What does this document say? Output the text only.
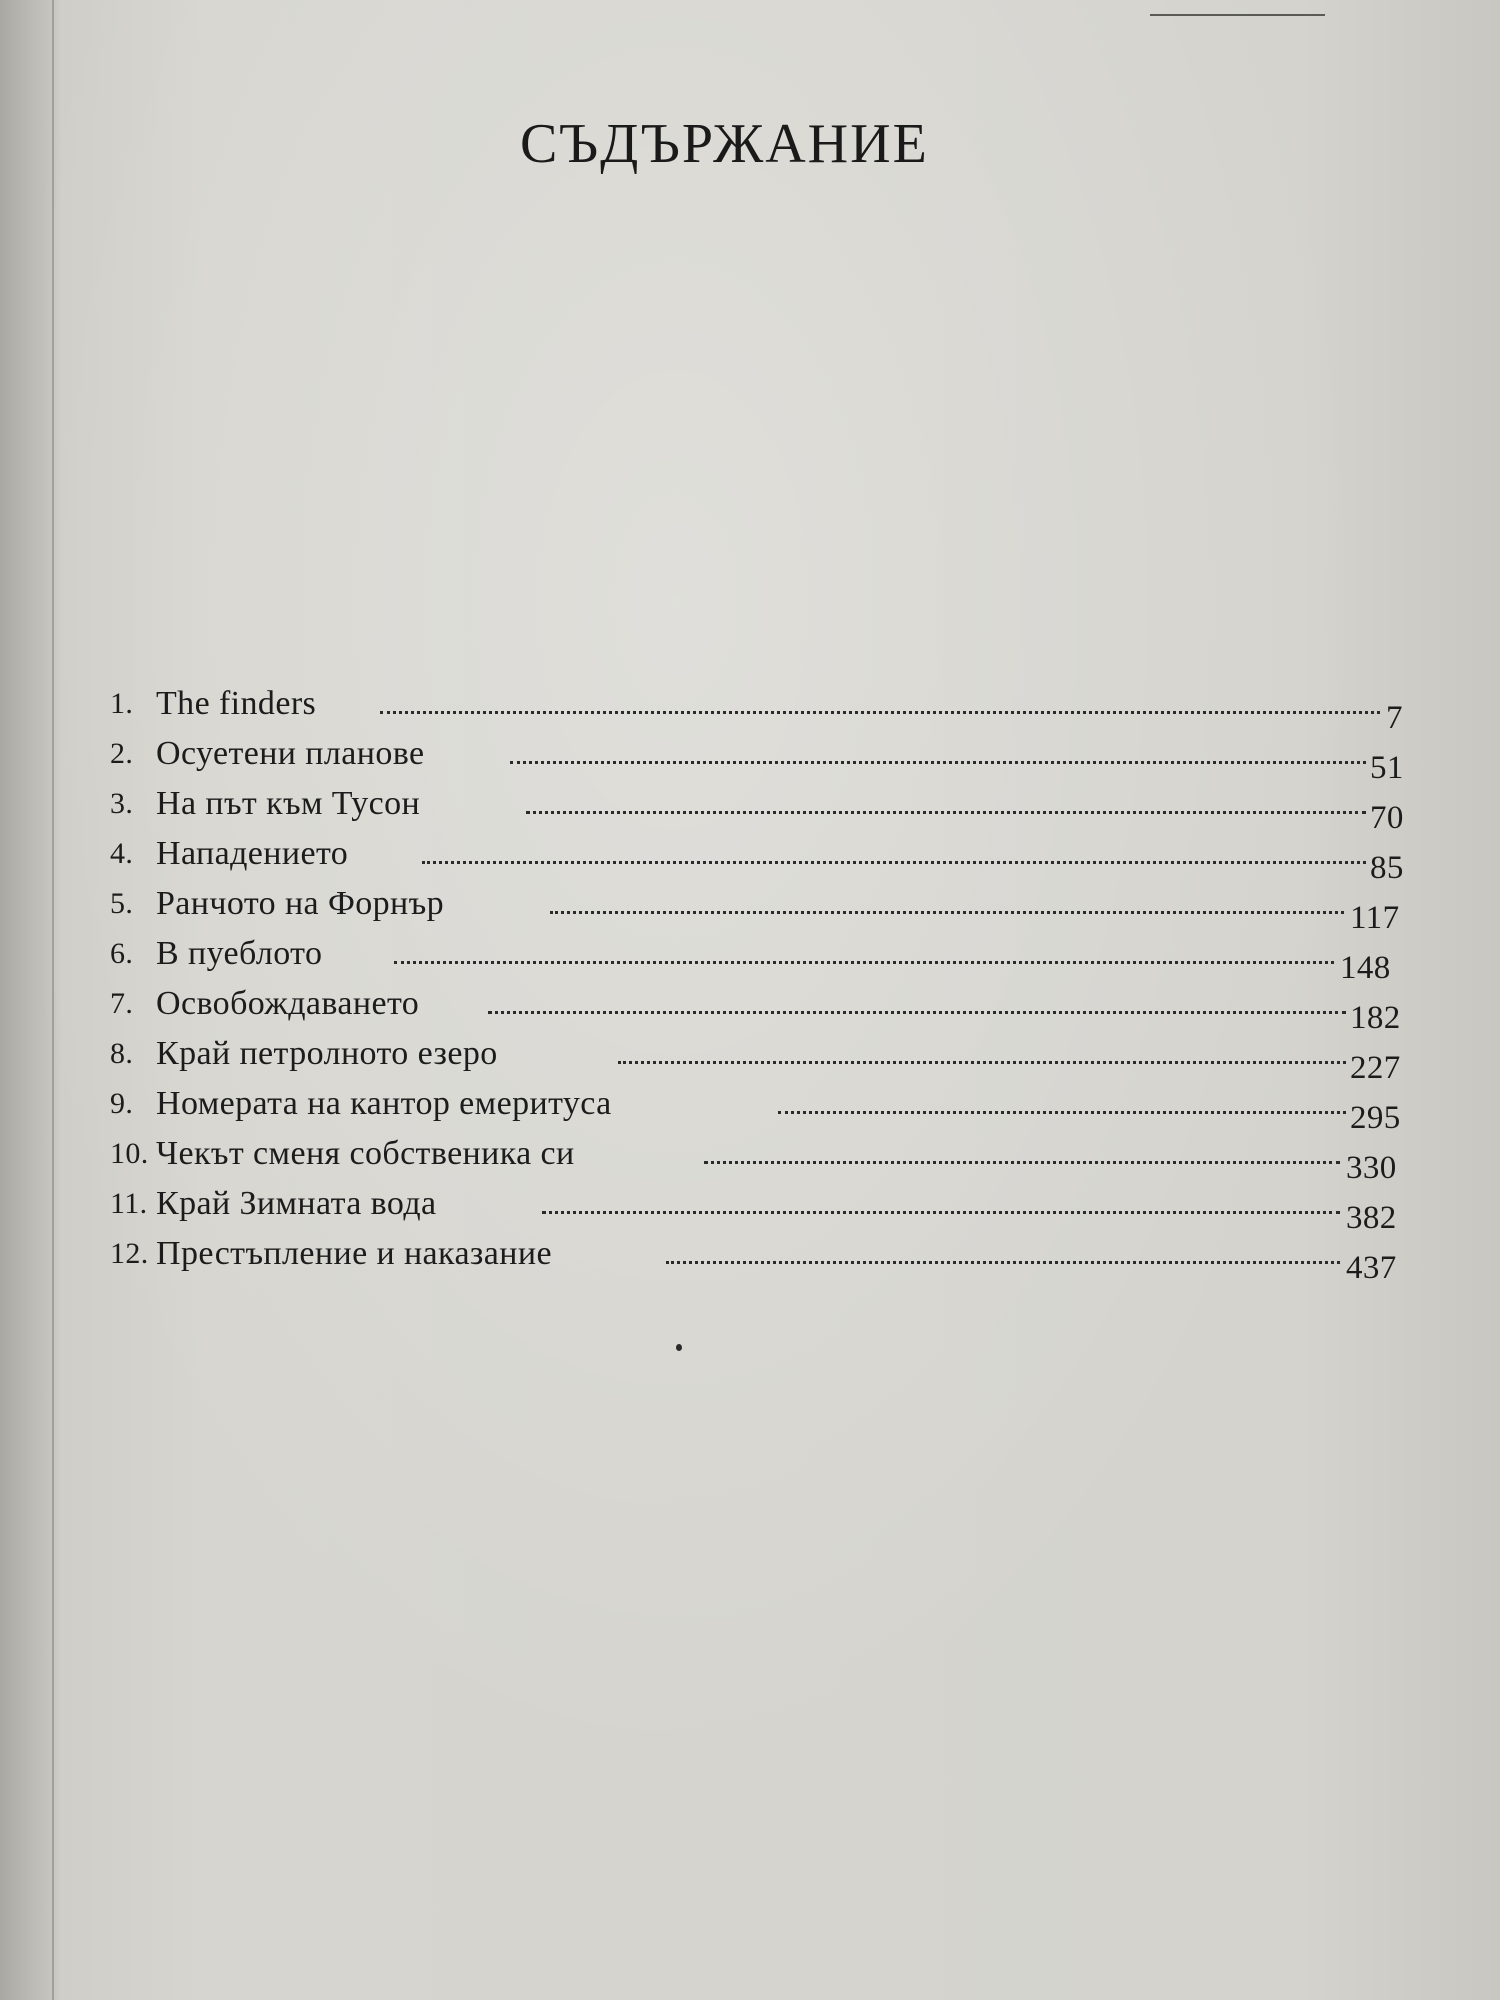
СЪДЪРЖАНИЕ
1. The finders	7
2. Осуетени планове	51
3. На път към Тусон	70
4. Нападението	85
5. Ранчото на Форнър	117
6. В пуеблото	148
7. Освобождаването	182
8. Край петролното езеро	227
9. Номерата на кантор емеритуса	295
10. Чекът сменя собственика си	330
11. Край Зимната вода	382
12. Престъпление и наказание	437
